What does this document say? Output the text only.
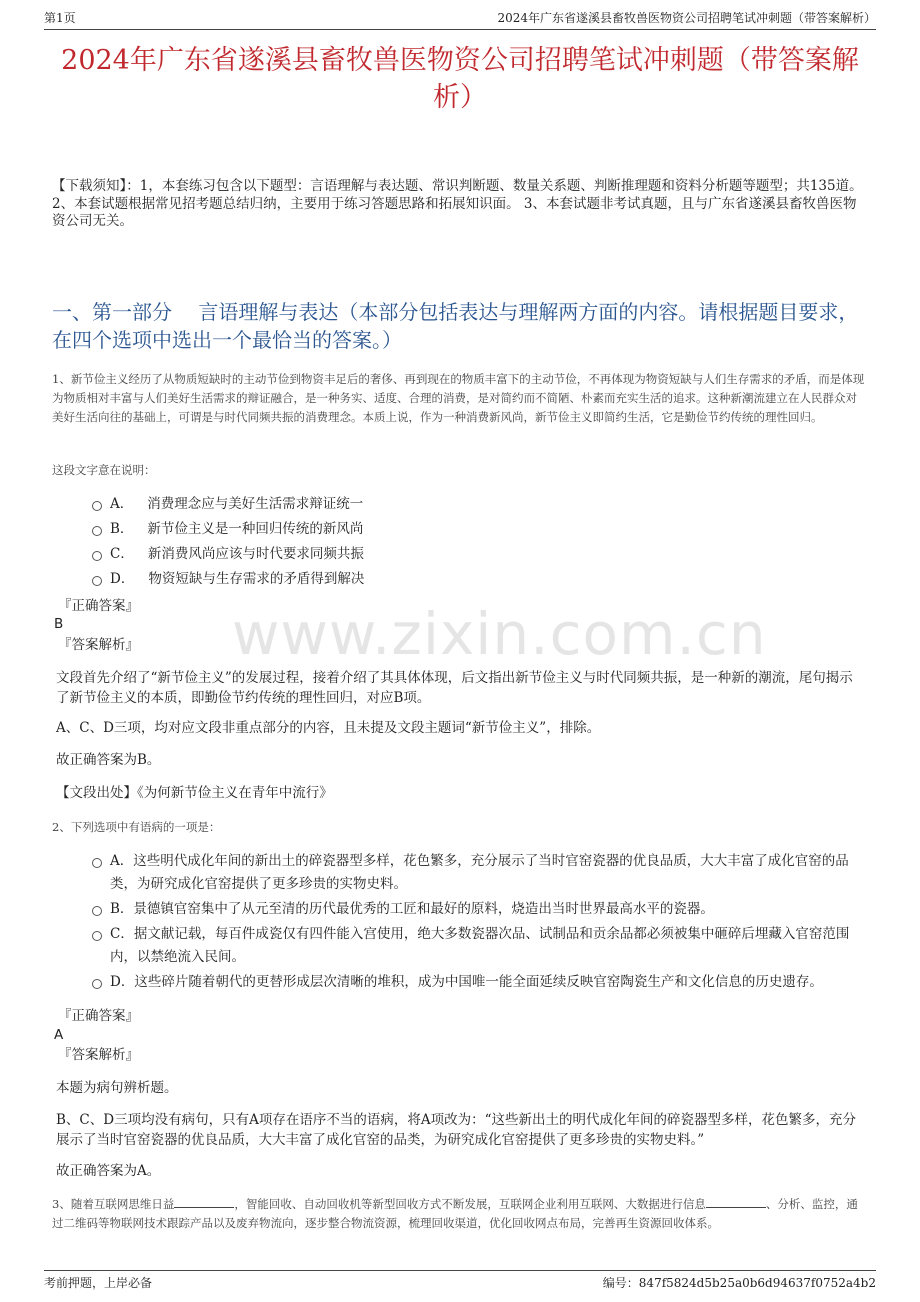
第1页	2024年广东省遂溪县畜牧兽医物资公司招聘笔试冲刺题（带答案解析）
2024年广东省遂溪县畜牧兽医物资公司招聘笔试冲刺题（带答案解析）
【下载须知】：1，本套练习包含以下题型：言语理解与表达题、常识判断题、数量关系题、判断推理题和资料分析题等题型；共135道。 2、本套试题根据常见招考题总结归纳，主要用于练习答题思路和拓展知识面。 3、本套试题非考试真题，且与广东省遂溪县畜牧兽医物资公司无关。
一、第一部分　 言语理解与表达（本部分包括表达与理解两方面的内容。请根据题目要求，在四个选项中选出一个最恰当的答案。）
www.zixin.com.cn
1、新节俭主义经历了从物质短缺时的主动节俭到物资丰足后的奢侈、再到现在的物质丰富下的主动节俭，不再体现为物资短缺与人们生存需求的矛盾，而是体现为物质相对丰富与人们美好生活需求的辩证融合，是一种务实、适度、合理的消费，是对简约而不简陋、朴素而充实生活的追求。这种新潮流建立在人民群众对美好生活向往的基础上，可谓是与时代同频共振的消费理念。本质上说，作为一种消费新风尚，新节俭主义即简约生活，它是勤俭节约传统的理性回归。
这段文字意在说明：
A． 消费理念应与美好生活需求辩证统一
B． 新节俭主义是一种回归传统的新风尚
C． 新消费风尚应该与时代要求同频共振
D． 物资短缺与生存需求的矛盾得到解决
『正确答案』
B
『答案解析』
文段首先介绍了“新节俭主义”的发展过程，接着介绍了其具体体现，后文指出新节俭主义与时代同频共振，是一种新的潮流，尾句揭示了新节俭主义的本质，即勤俭节约传统的理性回归，对应B项。
A、C、D三项，均对应文段非重点部分的内容，且未提及文段主题词“新节俭主义”，排除。
故正确答案为B。
【文段出处】《为何新节俭主义在青年中流行》
2、下列选项中有语病的一项是：
A．这些明代成化年间的新出土的碎瓷器型多样，花色繁多，充分展示了当时官窑瓷器的优良品质，大大丰富了成化官窑的品类，为研究成化官窑提供了更多珍贵的实物史料。
B．景德镇官窑集中了从元至清的历代最优秀的工匠和最好的原料，烧造出当时世界最高水平的瓷器。
C．据文献记载，每百件成瓷仅有四件能入宫使用，绝大多数瓷器次品、试制品和贡余品都必须被集中砸碎后埋藏入官窑范围内，以禁绝流入民间。
D．这些碎片随着朝代的更替形成层次清晰的堆积，成为中国唯一能全面延续反映官窑陶瓷生产和文化信息的历史遗存。
『正确答案』
A
『答案解析』
本题为病句辨析题。
B、C、D三项均没有病句，只有A项存在语序不当的语病，将A项改为：“这些新出土的明代成化年间的碎瓷器型多样，花色繁多，充分展示了当时官窑瓷器的优良品质，大大丰富了成化官窑的品类，为研究成化官窑提供了更多珍贵的实物史料。”
故正确答案为A。
3、随着互联网思维日益	，智能回收、自动回收机等新型回收方式不断发展，互联网企业利用互联网、大数据进行信息	、分析、监控，通过二维码等物联网技术跟踪产品以及废弃物流向，逐步整合物流资源，梳理回收渠道，优化回收网点布局，完善再生资源回收体系。
考前押题，上岸必备	编号：847f5824d5b25a0b6d94637f0752a4b2
